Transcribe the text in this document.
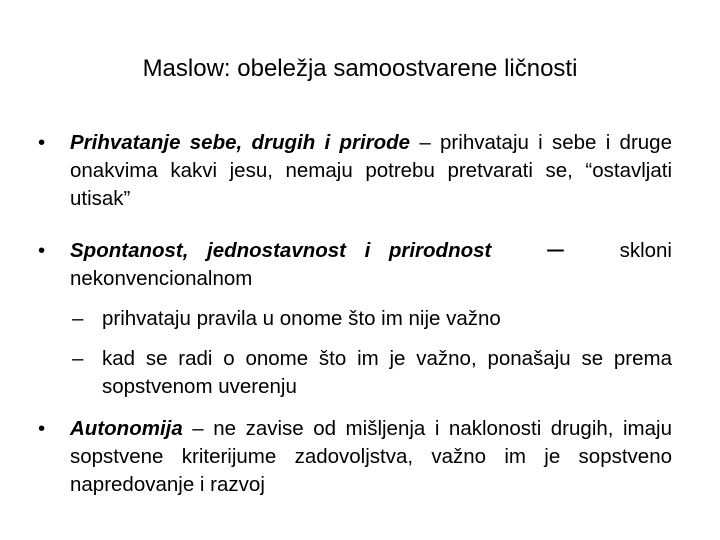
Maslow: obeležja samoostvarene ličnosti
•	Prihvatanje sebe, drugih i prirode – prihvataju i sebe i druge onakvima kakvi jesu, nemaju potrebu pretvarati se, “ostavljati utisak”
•	Spontanost, jednostavnost i prirodnost –	skloni nekonvencionalnom
– prihvataju pravila u onome što im nije važno
– kad se radi o onome što im je važno, ponašaju se prema sopstvenom uverenju
•	Autonomija – ne zavise od mišljenja i naklonosti drugih, imaju sopstvene kriterijume zadovoljstva, važno im je sopstveno napredovanje i razvoj
